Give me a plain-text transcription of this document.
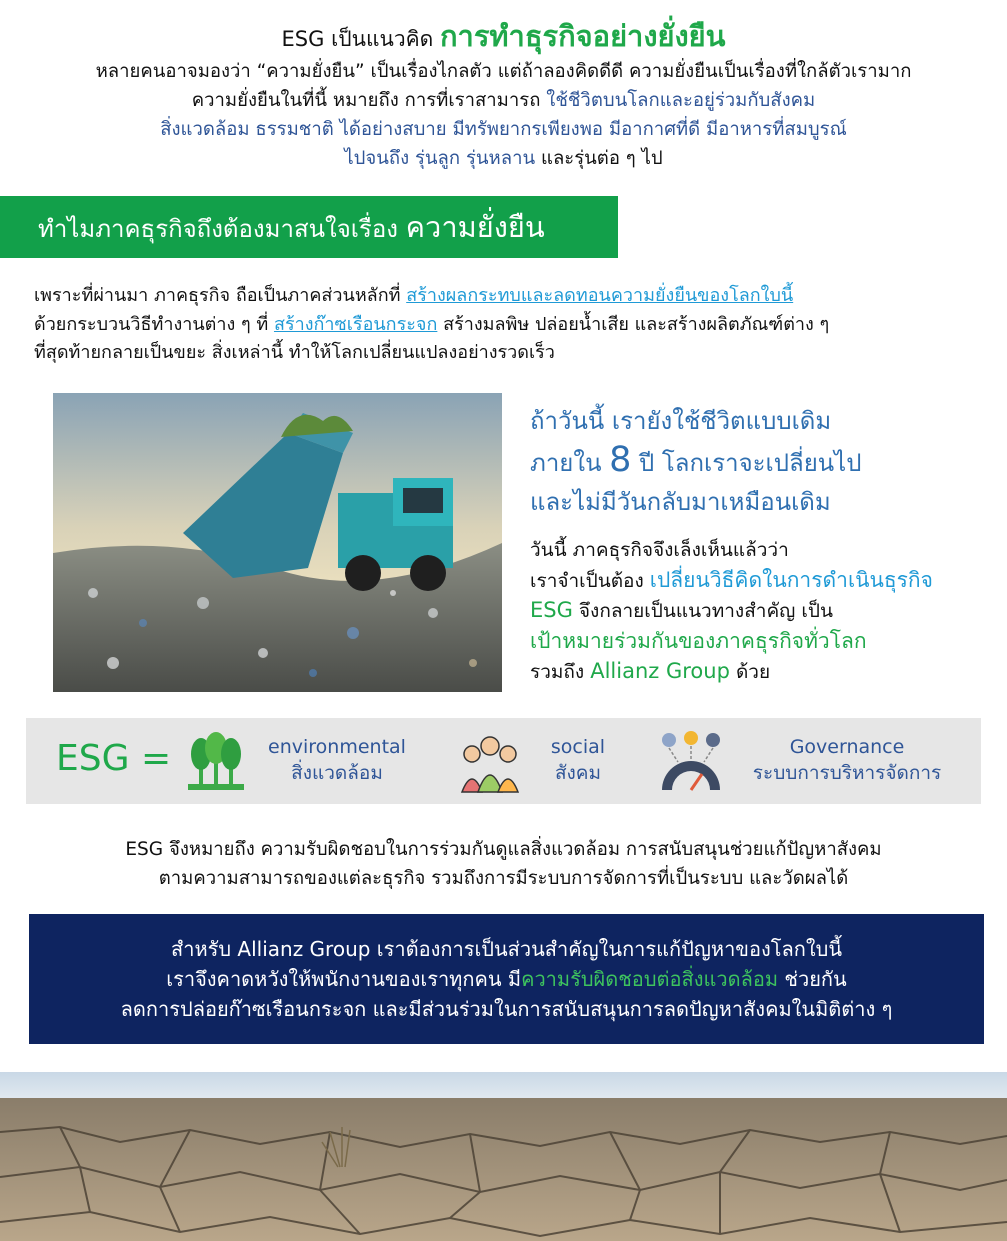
ESG เป็นแนวคิด การทำธุรกิจอย่างยั่งยืน
หลายคนอาจมองว่า “ความยั่งยืน” เป็นเรื่องไกลตัว แต่ถ้าลองคิดดีดี ความยั่งยืนเป็นเรื่องที่ใกล้ตัวเรามาก
ความยั่งยืนในที่นี้ หมายถึง การที่เราสามารถ ใช้ชีวิตบนโลกและอยู่ร่วมกับสังคม
สิ่งแวดล้อม ธรรมชาติ ได้อย่างสบาย มีทรัพยากรเพียงพอ มีอากาศที่ดี มีอาหารที่สมบูรณ์
ไปจนถึง รุ่นลูก รุ่นหลาน และรุ่นต่อ ๆ ไป
ทำไมภาคธุรกิจถึงต้องมาสนใจเรื่อง ความยั่งยืน
เพราะที่ผ่านมา ภาคธุรกิจ ถือเป็นภาคส่วนหลักที่ สร้างผลกระทบและลดทอนความยั่งยืนของโลกใบนี้
ด้วยกระบวนวิธีทำงานต่าง ๆ ที่ สร้างก๊าซเรือนกระจก สร้างมลพิษ ปล่อยน้ำเสีย และสร้างผลิตภัณฑ์ต่าง ๆ
ที่สุดท้ายกลายเป็นขยะ สิ่งเหล่านี้ ทำให้โลกเปลี่ยนแปลงอย่างรวดเร็ว
ถ้าวันนี้ เรายังใช้ชีวิตแบบเดิม
ภายใน 8 ปี โลกเราจะเปลี่ยนไป
และไม่มีวันกลับมาเหมือนเดิม
วันนี้ ภาคธุรกิจจึงเล็งเห็นแล้วว่า
เราจำเป็นต้อง เปลี่ยนวิธีคิดในการดำเนินธุรกิจ
ESG จึงกลายเป็นแนวทางสำคัญ เป็น
เป้าหมายร่วมกันของภาคธุรกิจทั่วโลก
รวมถึง Allianz Group ด้วย
ESG =	environmental
สิ่งแวดล้อม
social
สังคม
Governance
ระบบการบริหารจัดการ
ESG จึงหมายถึง ความรับผิดชอบในการร่วมกันดูแลสิ่งแวดล้อม การสนับสนุนช่วยแก้ปัญหาสังคม
ตามความสามารถของแต่ละธุรกิจ รวมถึงการมีระบบการจัดการที่เป็นระบบ และวัดผลได้
สำหรับ Allianz Group เราต้องการเป็นส่วนสำคัญในการแก้ปัญหาของโลกใบนี้
เราจึงคาดหวังให้พนักงานของเราทุกคน มีความรับผิดชอบต่อสิ่งแวดล้อม ช่วยกัน
ลดการปล่อยก๊าซเรือนกระจก และมีส่วนร่วมในการสนับสนุนการลดปัญหาสังคมในมิติต่าง ๆ
